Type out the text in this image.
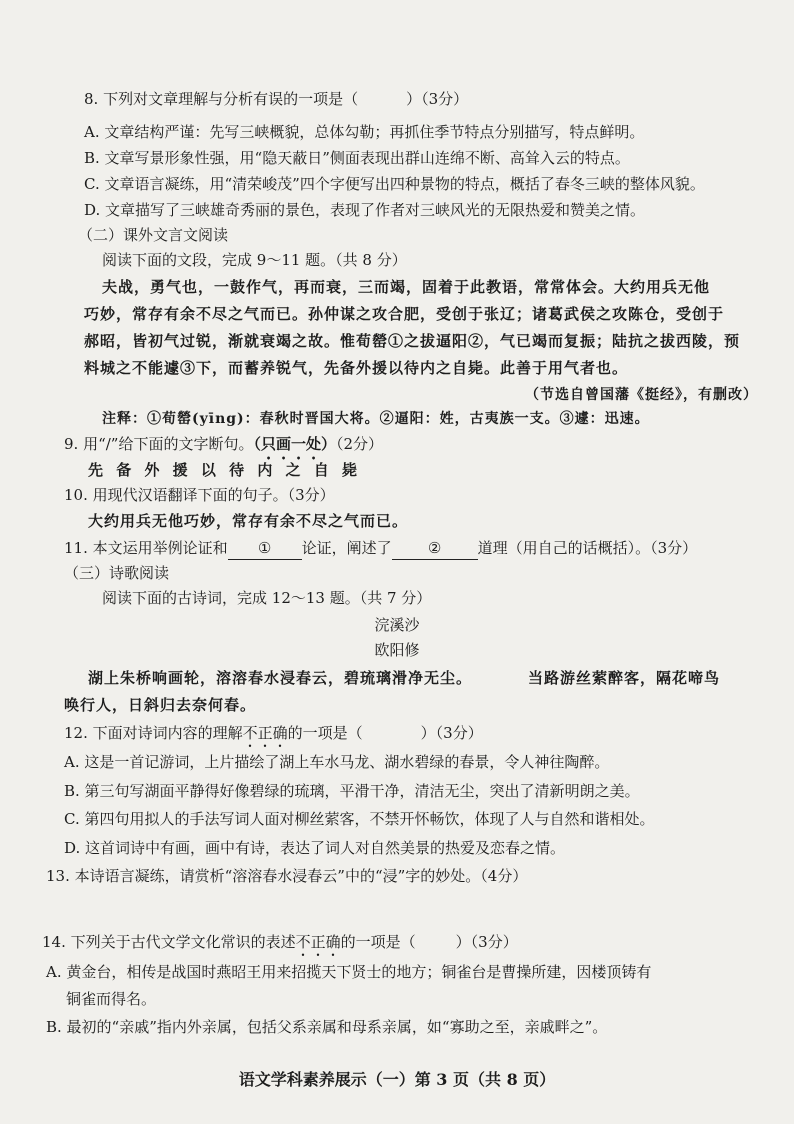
8. 下列对文章理解与分析有误的一项是（	）（3分）
A. 文章结构严谨：先写三峡概貌，总体勾勒；再抓住季节特点分别描写，特点鲜明。
B. 文章写景形象性强，用“隐天蔽日”侧面表现出群山连绵不断、高耸入云的特点。
C. 文章语言凝练，用“清荣峻茂”四个字便写出四种景物的特点，概括了春冬三峡的整体风貌。
D. 文章描写了三峡雄奇秀丽的景色，表现了作者对三峡风光的无限热爱和赞美之情。
（二）课外文言文阅读
阅读下面的文段，完成 9～11 题。（共 8 分）
夫战，勇气也，一鼓作气，再而衰，三而竭，固着于此教语，常常体会。大约用兵无他
巧妙，常存有余不尽之气而已。孙仲谋之攻合肥，受创于张辽；诸葛武侯之攻陈仓，受创于
郝昭，皆初气过锐，渐就衰竭之故。惟荀罃①之拔逼阳②，气已竭而复振；陆抗之拔西陵，预
料城之不能遽③下，而蓄养锐气，先备外援以待内之自毙。此善于用气者也。
（节选自曾国藩《挺经》，有删改）
注释：①荀罃(yīng)：春秋时晋国大将。②逼阳：姓，古夷族一支。③遽：迅速。
9. 用“/”给下面的文字断句。（只画一处）（2分）
先 备 外 援 以 待 内 之 自 毙
10. 用现代汉语翻译下面的句子。（3分）
大约用兵无他巧妙，常存有余不尽之气而已。
11. 本文运用举例论证和 ① 论证，阐述了 ② 道理（用自己的话概括）。（3分）
（三）诗歌阅读
阅读下面的古诗词，完成 12～13 题。（共 7 分）
浣溪沙
欧阳修
湖上朱桥响画轮，溶溶春水浸春云，碧琉璃滑净无尘。	当路游丝萦醉客，隔花啼鸟
唤行人，日斜归去奈何春。
12. 下面对诗词内容的理解不正确的一项是（	）（3分）
A. 这是一首记游词，上片描绘了湖上车水马龙、湖水碧绿的春景，令人神往陶醉。
B. 第三句写湖面平静得好像碧绿的琉璃，平滑干净，清洁无尘，突出了清新明朗之美。
C. 第四句用拟人的手法写词人面对柳丝萦客，不禁开怀畅饮，体现了人与自然和谐相处。
D. 这首词诗中有画，画中有诗，表达了词人对自然美景的热爱及恋春之情。
13. 本诗语言凝练，请赏析“溶溶春水浸春云”中的“浸”字的妙处。（4分）
14. 下列关于古代文学文化常识的表述不正确的一项是（	）（3分）
A. 黄金台，相传是战国时燕昭王用来招揽天下贤士的地方；铜雀台是曹操所建，因楼顶铸有
铜雀而得名。
B. 最初的“亲戚”指内外亲属，包括父系亲属和母系亲属，如“寡助之至，亲戚畔之”。
语文学科素养展示（一）第 3 页（共 8 页）
